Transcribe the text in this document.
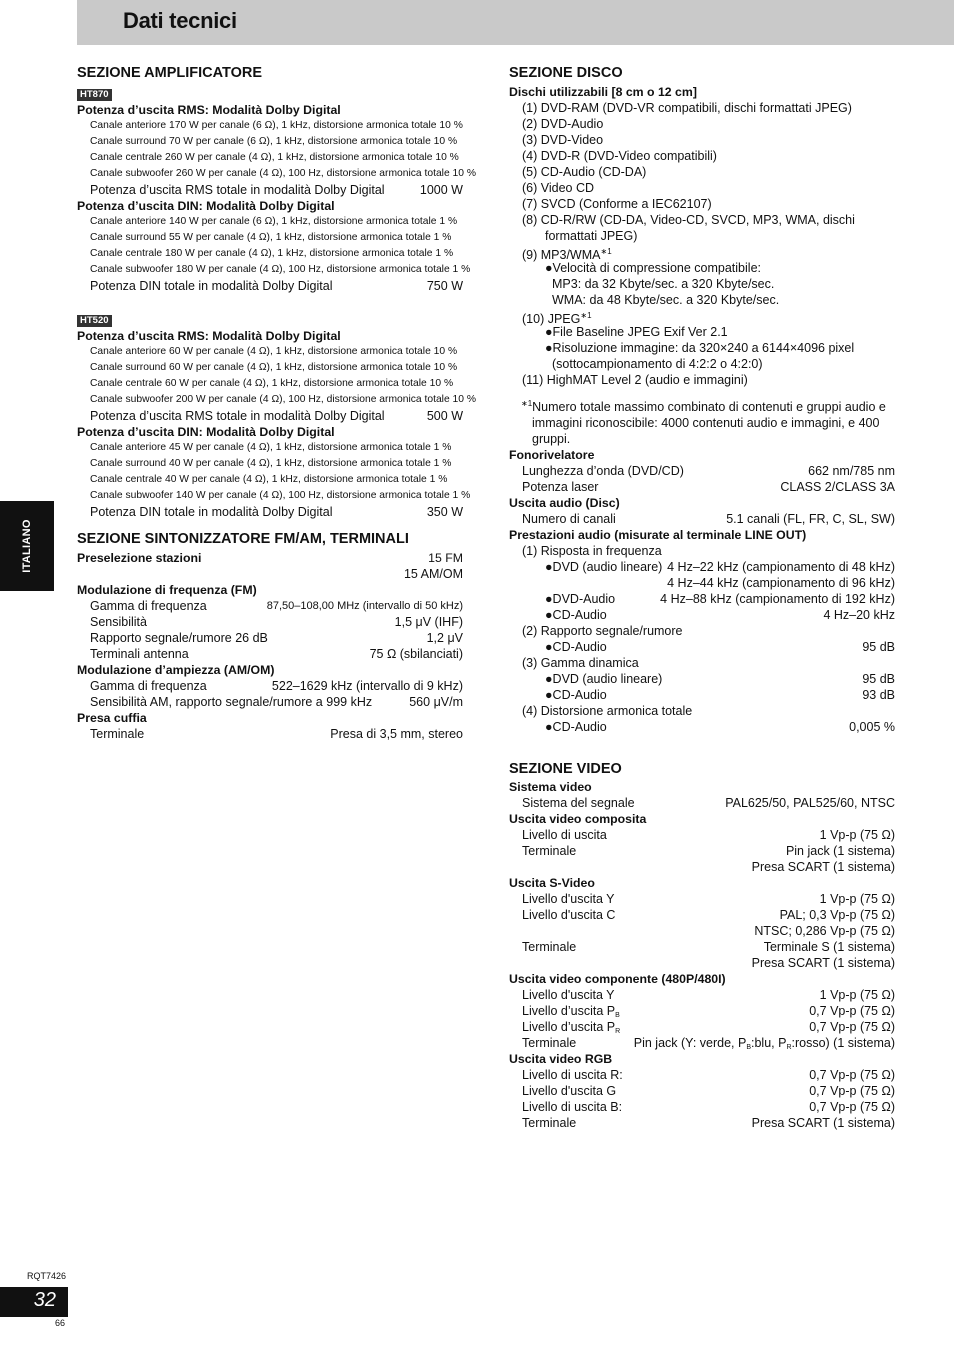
Dati tecnici
ITALIANO
SEZIONE AMPLIFICATORE
HT870
Potenza d’uscita RMS: Modalità Dolby Digital
Canale anteriore 170 W per canale (6 Ω), 1 kHz, distorsione armonica totale 10 %
Canale surround 70 W per canale (6 Ω), 1 kHz, distorsione armonica totale 10 %
Canale centrale 260 W per canale (4 Ω), 1 kHz, distorsione armonica totale 10 %
Canale subwoofer 260 W per canale (4 Ω), 100 Hz, distorsione armonica totale 10 %
Potenza d’uscita RMS totale in modalità Dolby Digital	1000 W
Potenza d’uscita DIN: Modalità Dolby Digital
Canale anteriore 140 W per canale (6 Ω), 1 kHz, distorsione armonica totale 1 %
Canale surround 55 W per canale (4 Ω), 1 kHz, distorsione armonica totale 1 %
Canale centrale 180 W per canale (4 Ω), 1 kHz, distorsione armonica totale 1 %
Canale subwoofer 180 W per canale (4 Ω), 100 Hz, distorsione armonica totale 1 %
Potenza DIN totale in modalità Dolby Digital	750 W
HT520
Potenza d’uscita RMS: Modalità Dolby Digital
Canale anteriore 60 W per canale (4 Ω), 1 kHz, distorsione armonica totale 10 %
Canale surround 60 W per canale (4 Ω), 1 kHz, distorsione armonica totale 10 %
Canale centrale 60 W per canale (4 Ω), 1 kHz, distorsione armonica totale 10 %
Canale subwoofer 200 W per canale (4 Ω), 100 Hz, distorsione armonica totale 10 %
Potenza d’uscita RMS totale in modalità Dolby Digital	500 W
Potenza d’uscita DIN: Modalità Dolby Digital
Canale anteriore 45 W per canale (4 Ω), 1 kHz, distorsione armonica totale 1 %
Canale surround 40 W per canale (4 Ω), 1 kHz, distorsione armonica totale 1 %
Canale centrale 40 W per canale (4 Ω), 1 kHz, distorsione armonica totale 1 %
Canale subwoofer 140 W per canale (4 Ω), 100 Hz, distorsione armonica totale 1 %
Potenza DIN totale in modalità Dolby Digital	350 W
SEZIONE SINTONIZZATORE FM/AM, TERMINALI
Preselezione stazioni	15 FM
15 AM/OM
Modulazione di frequenza (FM)
Gamma di frequenza	87,50–108,00 MHz (intervallo di 50 kHz)
Sensibilità	1,5 μV (IHF)
Rapporto segnale/rumore 26 dB	1,2 μV
Terminali antenna	75 Ω (sbilanciati)
Modulazione d’ampiezza (AM/OM)
Gamma di frequenza	522–1629 kHz (intervallo di 9 kHz)
Sensibilità AM, rapporto segnale/rumore a 999 kHz	560 μV/m
Presa cuffia
Terminale	Presa di 3,5 mm, stereo
SEZIONE DISCO
Dischi utilizzabili [8 cm o 12 cm]
(1) DVD-RAM (DVD-VR compatibili, dischi formattati JPEG)
(2) DVD-Audio
(3) DVD-Video
(4) DVD-R (DVD-Video compatibili)
(5) CD-Audio (CD-DA)
(6) Video CD
(7) SVCD (Conforme a IEC62107)
(8) CD-R/RW (CD-DA, Video-CD, SVCD, MP3, WMA, dischi
formattati JPEG)
(9) $MP3/WMA^{∗1}$
●Velocità di compressione compatibile:
MP3: da 32 Kbyte/sec. a 320 Kbyte/sec.
WMA: da 48 Kbyte/sec. a 320 Kbyte/sec.
(10) $JPEG^{∗1}$
●File Baseline JPEG Exif Ver 2.1
●Risoluzione immagine: da 320×240 a 6144×4096 pixel
(sottocampionamento di 4:2:2 o 4:2:0)
(11) HighMAT Level 2 (audio e immagini)
$^{∗1}$Numero totale massimo combinato di contenuti e gruppi audio e immagini riconoscibile: 4000 contenuti audio e immagini, e 400 gruppi.
Fonorivelatore
Lunghezza d’onda (DVD/CD)	662 nm/785 nm
Potenza laser	CLASS 2/CLASS 3A
Uscita audio (Disc)
Numero di canali	5.1 canali (FL, FR, C, SL, SW)
Prestazioni audio (misurate al terminale LINE OUT)
(1) Risposta in frequenza
●DVD (audio lineare) 4 Hz–22 kHz (campionamento di 48 kHz)
4 Hz–44 kHz (campionamento di 96 kHz)
●DVD-Audio	4 Hz–88 kHz (campionamento di 192 kHz)
●CD-Audio	4 Hz–20 kHz
(2) Rapporto segnale/rumore
●CD-Audio	95 dB
(3) Gamma dinamica
●DVD (audio lineare)	95 dB
●CD-Audio	93 dB
(4) Distorsione armonica totale
●CD-Audio	0,005 %
SEZIONE VIDEO
Sistema video
Sistema del segnale	PAL625/50, PAL525/60, NTSC
Uscita video composita
Livello di uscita	1 Vp-p (75 Ω)
Terminale	Pin jack (1 sistema)
Presa SCART (1 sistema)
Uscita S-Video
Livello d'uscita Y	1 Vp-p (75 Ω)
Livello d'uscita C	PAL; 0,3 Vp-p (75 Ω)
NTSC; 0,286 Vp-p (75 Ω)
Terminale	Terminale S (1 sistema)
Presa SCART (1 sistema)
Uscita video componente (480P/480I)
Livello d'uscita Y	1 Vp-p (75 Ω)
Livello d’uscita $P_B$	0,7 Vp-p (75 Ω)
Livello d’uscita $P_R$	0,7 Vp-p (75 Ω)
Terminale	Pin jack (Y: verde, $P_B:blu$, $P_R:rosso$) (1 sistema)
Uscita video RGB
Livello di uscita R:	0,7 Vp-p (75 Ω)
Livello d'uscita G	0,7 Vp-p (75 Ω)
Livello di uscita B:	0,7 Vp-p (75 Ω)
Terminale	Presa SCART (1 sistema)
RQT7426
32
66
